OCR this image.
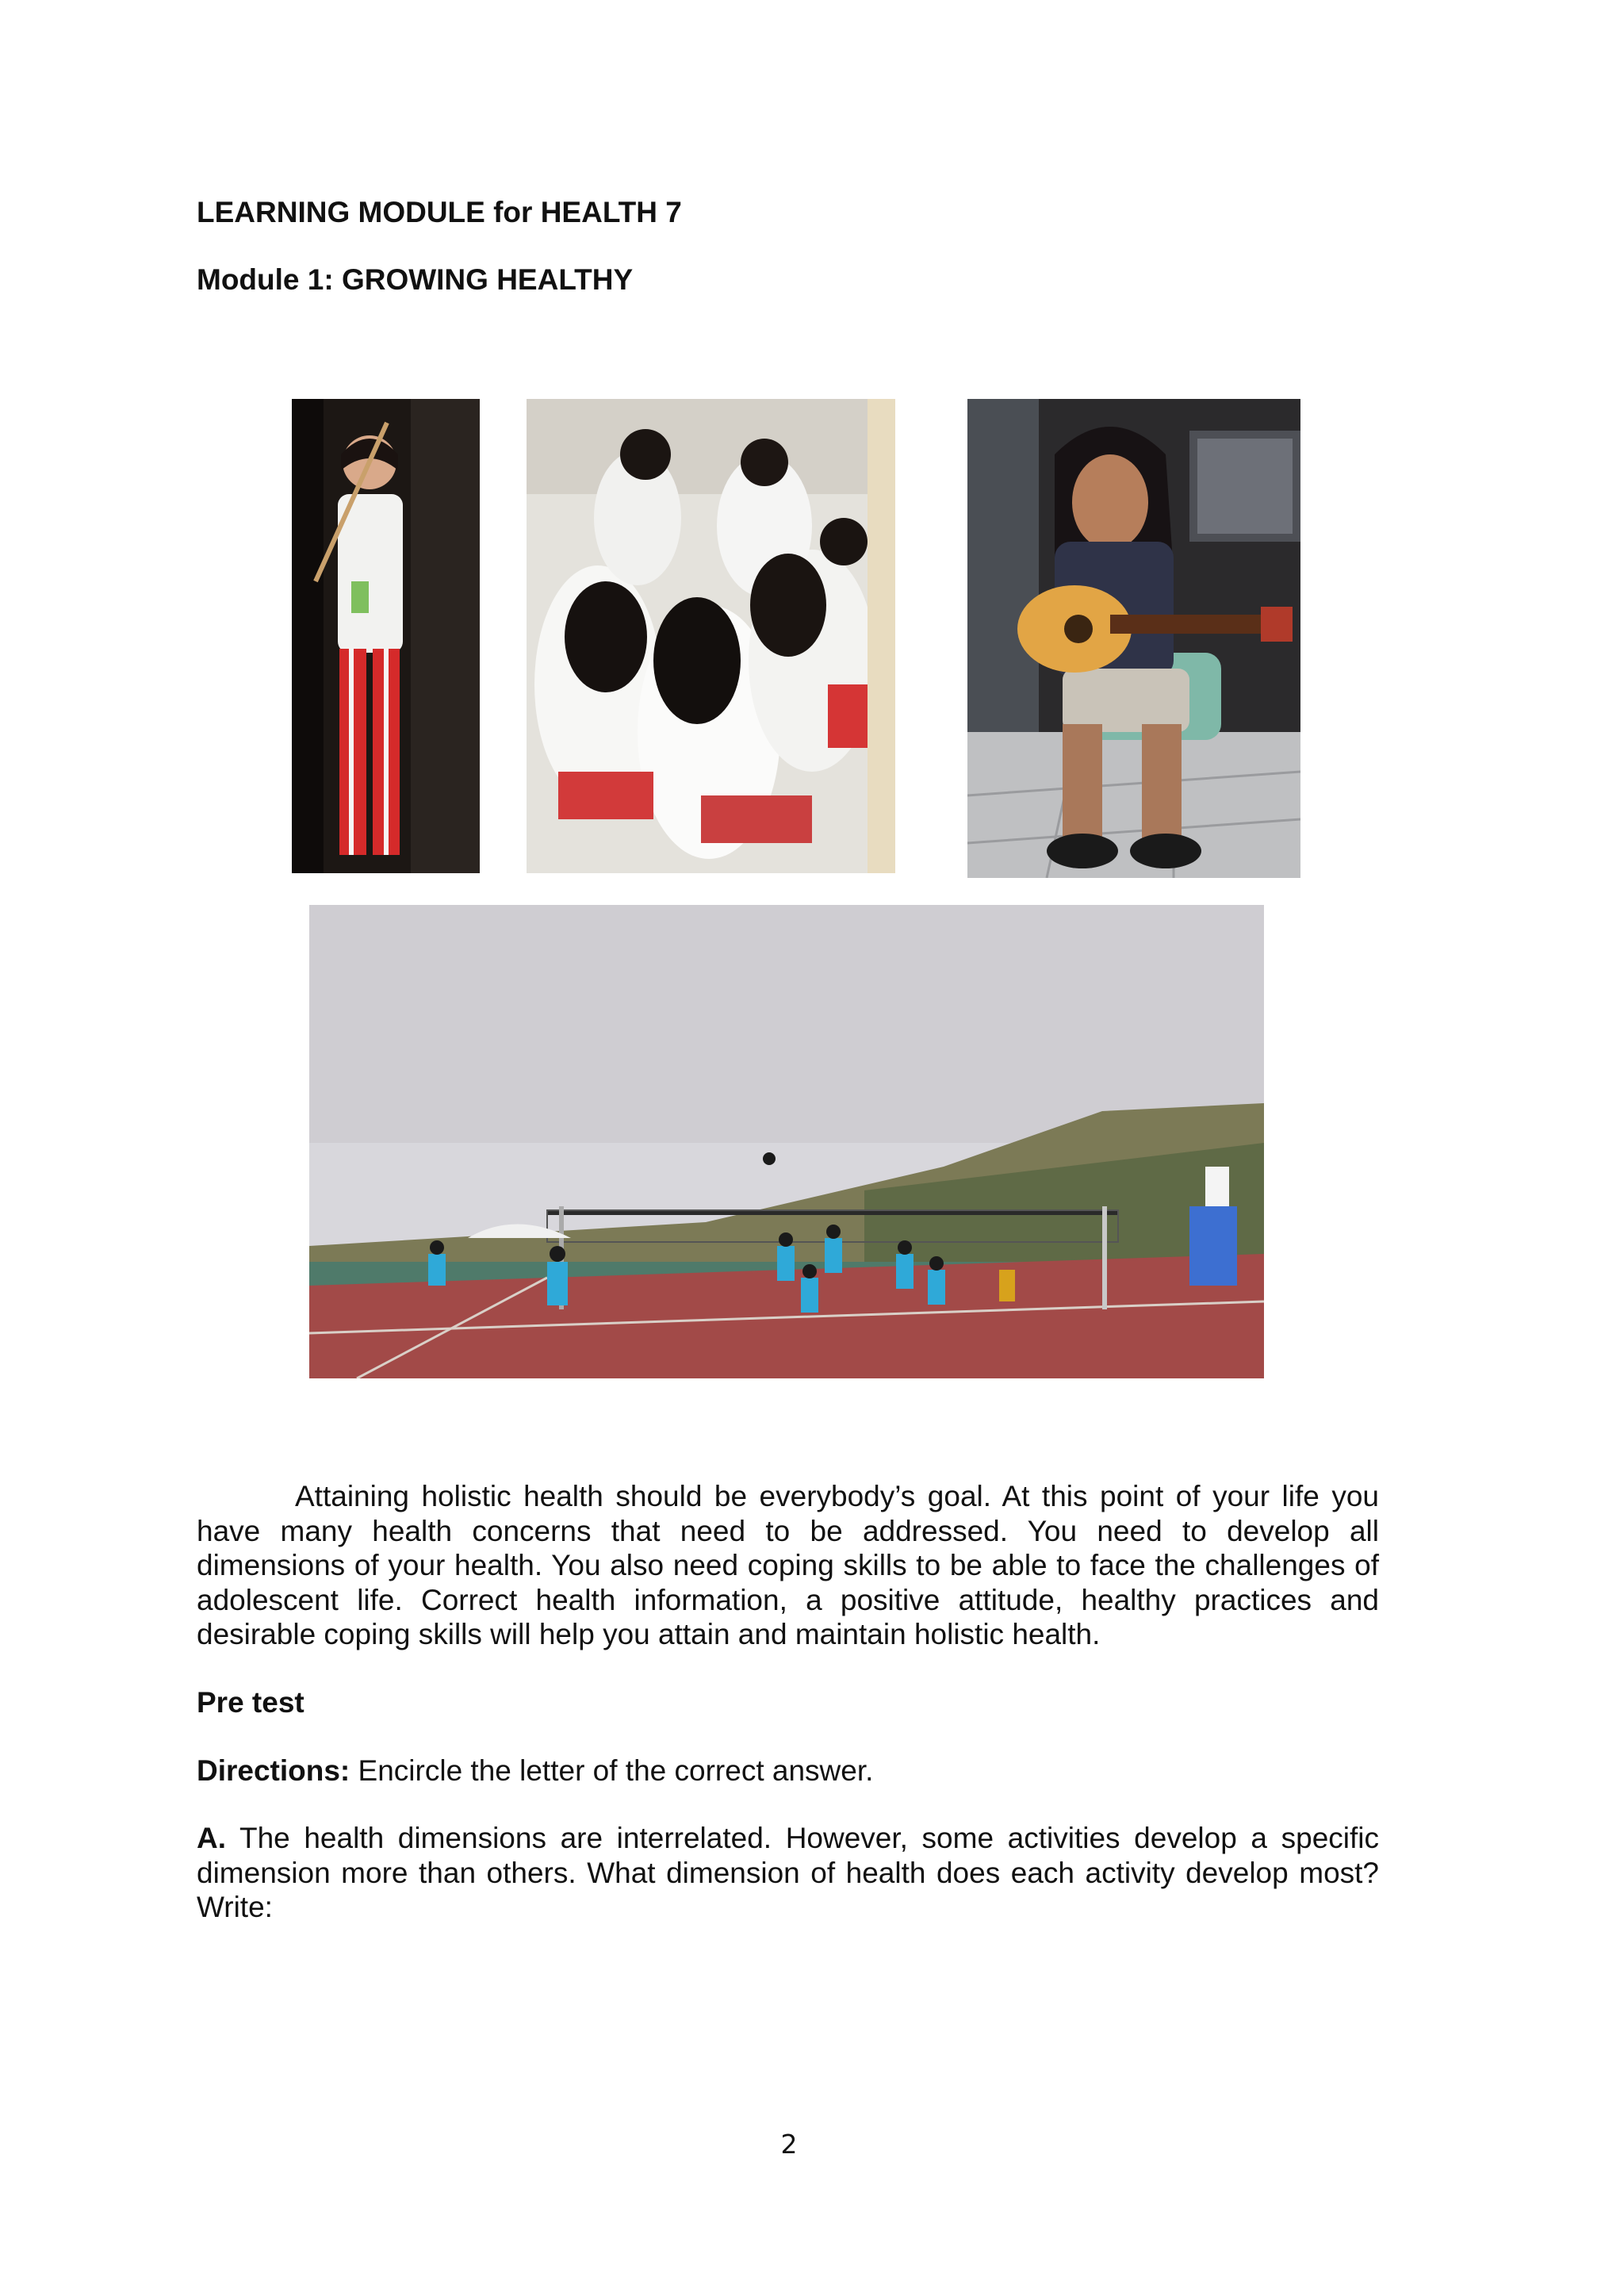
LEARNING MODULE for HEALTH 7
Module 1: GROWING HEALTHY
Attaining holistic health should be everybody’s goal. At this point of your life you have many health concerns that need to be addressed. You need to develop all dimensions of your health. You also need coping skills to be able to face the challenges of adolescent life. Correct health information, a positive attitude, healthy practices and desirable coping skills will help you attain and maintain holistic health.
Pre test
Directions: Encircle the letter of the correct answer.
A. The health dimensions are interrelated. However, some activities develop a specific dimension more than others. What dimension of health does each activity develop most? Write:
2
